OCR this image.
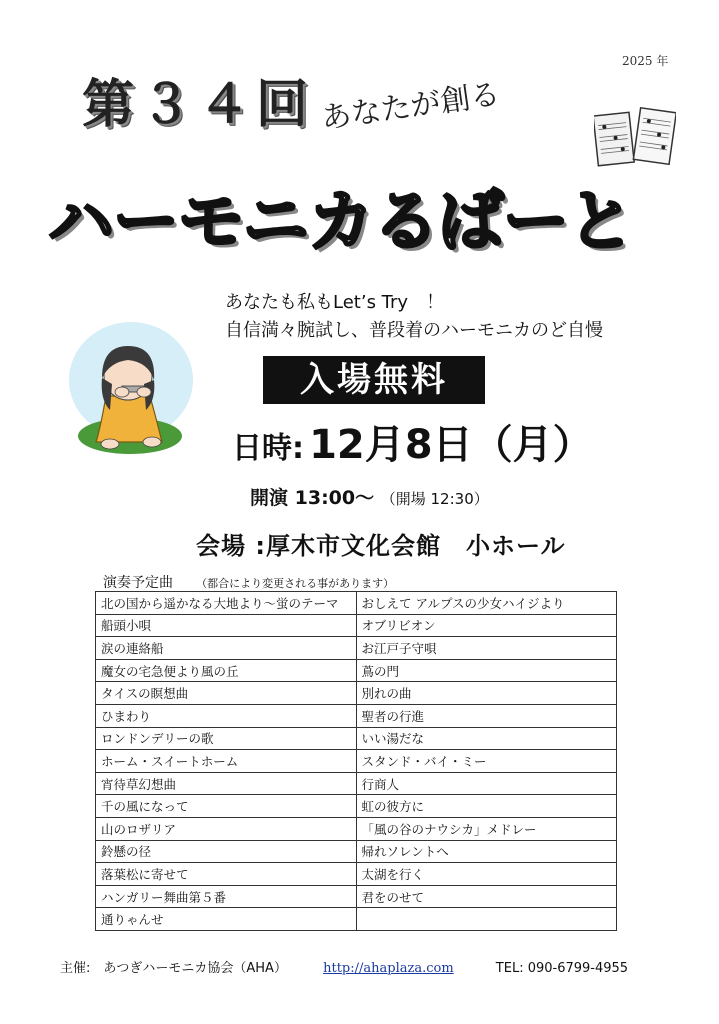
2025 年
第３４回 あなたが創る
ハーモニカるばーと
あなたも私もLet’s Try　！
自信満々腕試し、普段着のハーモニカのど自慢
入場無料
日時: 12月8日（月）
開演 13:00〜 （開場 12:30）
会場 :厚木市文化会館　小ホール
演奏予定曲 （都合により変更される事があります）
北の国から遥かなる大地より〜蛍のテーマ	おしえて アルプスの少女ハイジより
船頭小唄	オブリビオン
涙の連絡船	お江戸子守唄
魔女の宅急便より風の丘	蔦の門
タイスの瞑想曲	別れの曲
ひまわり	聖者の行進
ロンドンデリーの歌	いい湯だな
ホーム・スイートホーム	スタンド・バイ・ミー
宵待草幻想曲	行商人
千の風になって	虹の彼方に
山のロザリア	「風の谷のナウシカ」メドレー
鈴懸の径	帰れソレントへ
落葉松に寄せて	太湖を行く
ハンガリー舞曲第５番	君をのせて
通りゃんせ	
主催:　あつぎハーモニカ協会（AHA）	http://ahaplaza.com	TEL: 090-6799-4955
